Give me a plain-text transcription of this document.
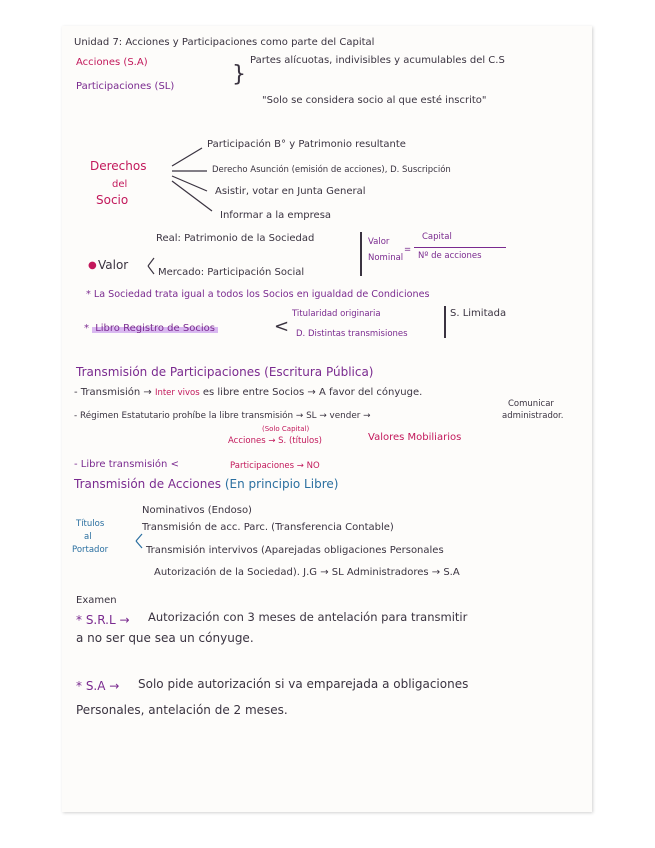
Unidad 7: Acciones y Participaciones como parte del Capital
Acciones (S.A)
Participaciones (SL)	}
Partes alícuotas, indivisibles y acumulables del C.S
"Solo se considera socio al que esté inscrito"
Derechos
del
Socio
Participación B° y Patrimonio resultante
Derecho Asunción (emisión de acciones), D. Suscripción
Asistir, votar en Junta General
Informar a la empresa
Real: Patrimonio de la Sociedad
● Valor
Mercado: Participación Social
Valor
Nominal
=
Capital
Nº de acciones
* La Sociedad trata igual a todos los Socios en igualdad de Condiciones
* Libro Registro de Socios	<
Titularidad originaria
D. Distintas transmisiones
S. Limitada
Transmisión de Participaciones (Escritura Pública)
- Transmisión → Inter vivos es libre entre Socios → A favor del cónyuge.
- Régimen Estatutario prohíbe la libre transmisión → SL → vender →
Comunicar
administrador.
- Libre transmisión <
(Solo Capital)
Acciones → S. (títulos)	Valores Mobiliarios
Participaciones → NO
Transmisión de Acciones (En principio Libre)
Títulos
al
Portador
Nominativos (Endoso)
Transmisión de acc. Parc. (Transferencia Contable)
Transmisión intervivos (Aparejadas obligaciones Personales
Autorización de la Sociedad). J.G → SL Administradores → S.A
Examen
* S.R.L → Autorización con 3 meses de antelación para transmitir
a no ser que sea un cónyuge.
* S.A → Solo pide autorización si va emparejada a obligaciones
Personales, antelación de 2 meses.
